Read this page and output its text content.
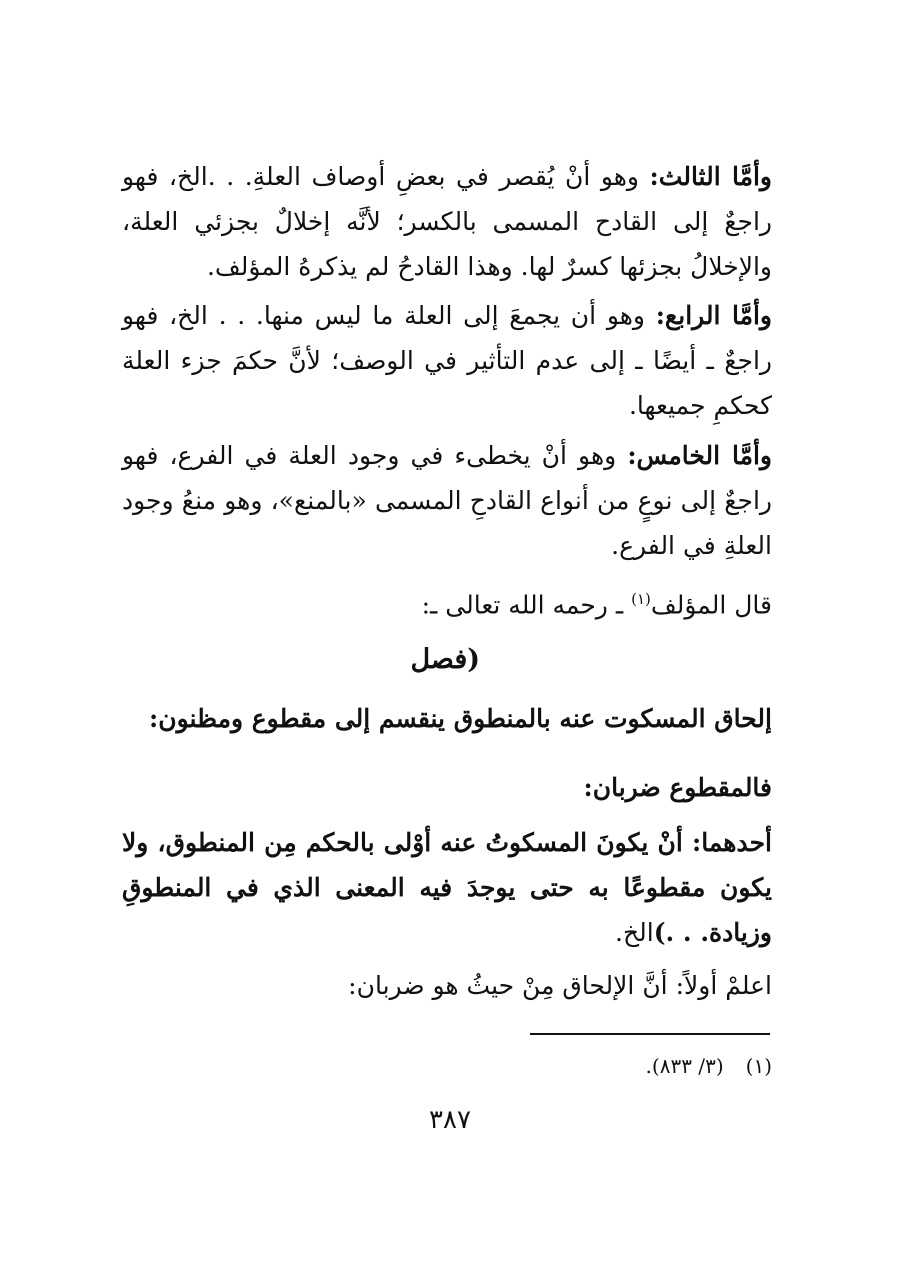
وأمَّا الثالث: وهو أنْ يُقصر في بعضِ أوصاف العلةِ. . .الخ، فهو راجعٌ إلى القادح المسمى بالكسر؛ لأنَّه إخلالٌ بجزئي العلة، والإخلالُ بجزئها كسرٌ لها. وهذا القادحُ لم يذكرهُ المؤلف.

وأمَّا الرابع: وهو أن يجمعَ إلى العلة ما ليس منها. . . الخ، فهو راجعٌ ـ أيضًا ـ إلى عدم التأثير في الوصف؛ لأنَّ حكمَ جزء العلة كحكمِ جميعها.

وأمَّا الخامس: وهو أنْ يخطىء في وجود العلة في الفرع، فهو راجعٌ إلى نوعٍ من أنواع القادحِ المسمى «بالمنع»، وهو منعُ وجود العلةِ في الفرع.

قال المؤلف$^{(١)}$ ـ رحمه الله تعالى ـ:

(فصل

إلحاق المسكوت عنه بالمنطوق ينقسم إلى مقطوع ومظنون:

فالمقطوع ضربان:

أحدهما: أنْ يكونَ المسكوتُ عنه أوْلى بالحكم مِن المنطوق، ولا يكون مقطوعًا به حتى يوجدَ فيه المعنى الذي في المنطوقِ وزيادة. . .)الخ.

اعلمْ أولاً: أنَّ الإلحاق مِنْ حيثُ هو ضربان:

(١)(٣/ ٨٣٣).
٣٨٧
